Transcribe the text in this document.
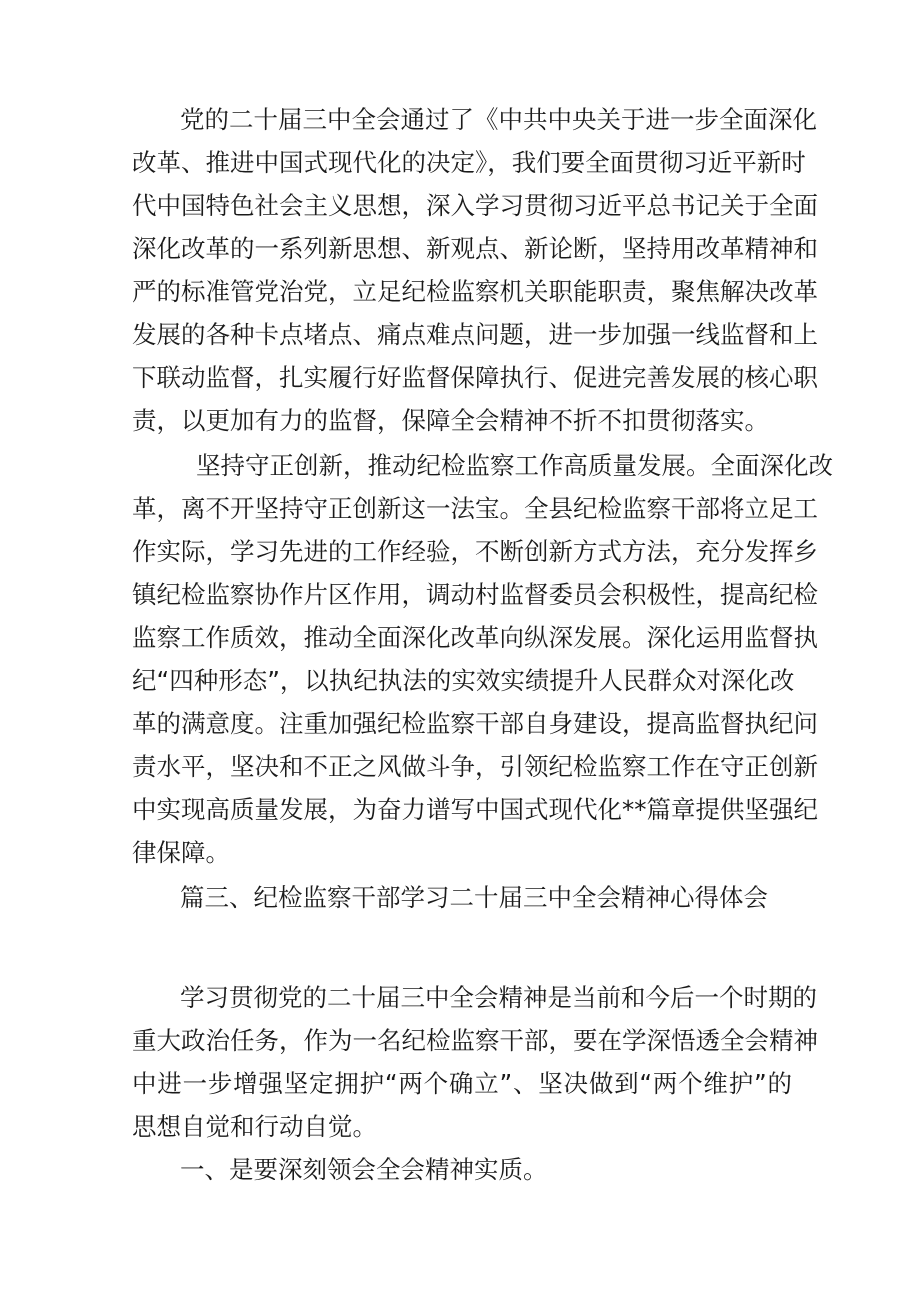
党的二十届三中全会通过了《中共中央关于进一步全面深化
改革、推进中国式现代化的决定》，我们要全面贯彻习近平新时
代中国特色社会主义思想，深入学习贯彻习近平总书记关于全面
深化改革的一系列新思想、新观点、新论断，坚持用改革精神和
严的标准管党治党，立足纪检监察机关职能职责，聚焦解决改革
发展的各种卡点堵点、痛点难点问题，进一步加强一线监督和上
下联动监督，扎实履行好监督保障执行、促进完善发展的核心职
责，以更加有力的监督，保障全会精神不折不扣贯彻落实。
坚持守正创新，推动纪检监察工作高质量发展。全面深化改
革，离不开坚持守正创新这一法宝。全县纪检监察干部将立足工
作实际，学习先进的工作经验，不断创新方式方法，充分发挥乡
镇纪检监察协作片区作用，调动村监督委员会积极性，提高纪检
监察工作质效，推动全面深化改革向纵深发展。深化运用监督执
纪“四种形态”，以执纪执法的实效实绩提升人民群众对深化改
革的满意度。注重加强纪检监察干部自身建设，提高监督执纪问
责水平，坚决和不正之风做斗争，引领纪检监察工作在守正创新
中实现高质量发展，为奋力谱写中国式现代化**篇章提供坚强纪
律保障。
篇三、纪检监察干部学习二十届三中全会精神心得体会
学习贯彻党的二十届三中全会精神是当前和今后一个时期的
重大政治任务，作为一名纪检监察干部，要在学深悟透全会精神
中进一步增强坚定拥护“两个确立”、坚决做到“两个维护”的
思想自觉和行动自觉。
一、是要深刻领会全会精神实质。
